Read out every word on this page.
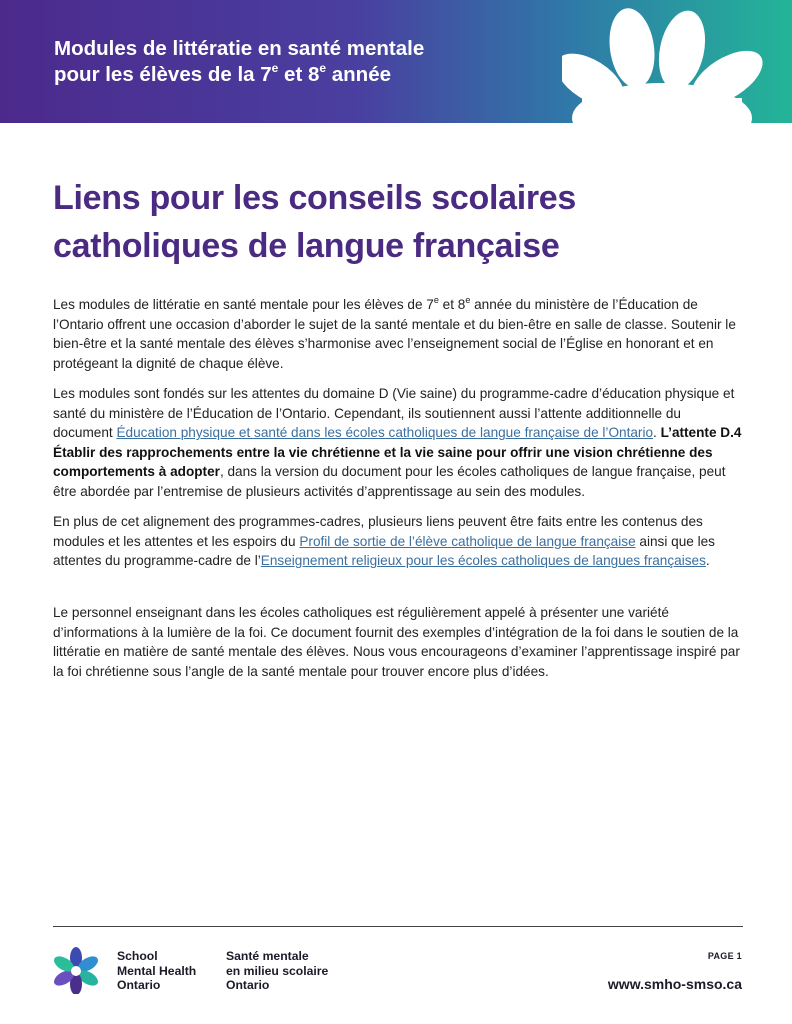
Modules de littératie en santé mentale
pour les élèves de la 7e et 8e année
Liens pour les conseils scolaires
catholiques de langue française

Les modules de littératie en santé mentale pour les élèves de 7e et 8e année du ministère de l’Éducation de l’Ontario offrent une occasion d’aborder le sujet de la santé mentale et du bien-être en salle de classe. Soutenir le bien-être et la santé mentale des élèves s’harmonise avec l’enseignement social de l’Église en honorant et en protégeant la dignité de chaque élève.

Les modules sont fondés sur les attentes du domaine D (Vie saine) du programme-cadre d’éducation physique et santé du ministère de l’Éducation de l’Ontario. Cependant, ils soutiennent aussi l’attente additionnelle du document Éducation physique et santé dans les écoles catholiques de langue française de l’Ontario. L’attente D.4 Établir des rapprochements entre la vie chrétienne et la vie saine pour offrir une vision chrétienne des comportements à adopter, dans la version du document pour les écoles catholiques de langue française, peut être abordée par l’entremise de plusieurs activités d’apprentissage au sein des modules.

En plus de cet alignement des programmes-cadres, plusieurs liens peuvent être faits entre les contenus des modules et les attentes et les espoirs du Profil de sortie de l’élève catholique de langue française ainsi que les attentes du programme-cadre de l’Enseignement religieux pour les écoles catholiques de langues françaises.

Le personnel enseignant dans les écoles catholiques est régulièrement appelé à présenter une variété d’informations à la lumière de la foi. Ce document fournit des exemples d’intégration de la foi dans le soutien de la littératie en matière de santé mentale des élèves. Nous vous encourageons d’examiner l’apprentissage inspiré par la foi chrétienne sous l’angle de la santé mentale pour trouver encore plus d’idées.

School
Mental Health
Ontario
Santé mentale
en milieu scolaire
Ontario
PAGE 1
www.smho-smso.ca
